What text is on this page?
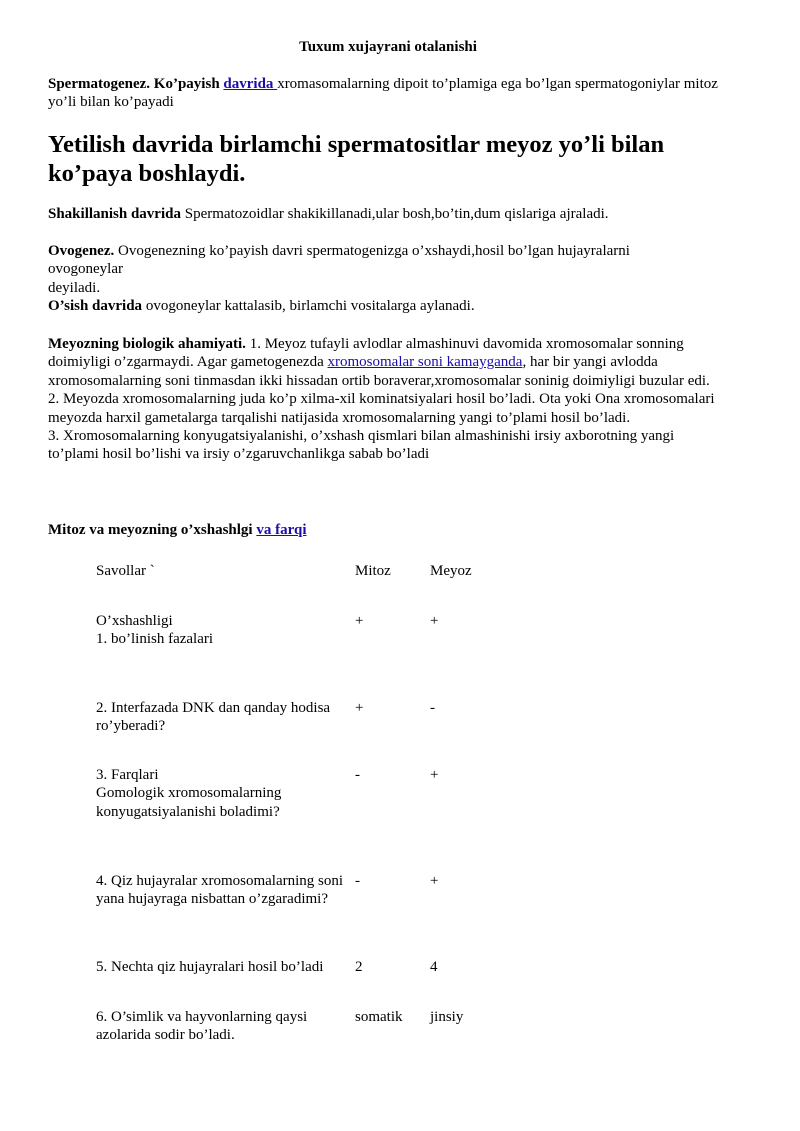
Tuxum xujayrani otalanishi

Spermatogenez. Ko’payish davrida xromasomalarning dipoit to’plamiga ega bo’lgan spermatogoniylar mitoz yo’li bilan ko’payadi

Yetilish davrida birlamchi spermatositlar meyoz yo’li bilan ko’paya boshlaydi.

Shakillanish davrida Spermatozoidlar shakikillanadi,ular bosh,bo’tin,dum qislariga ajraladi.

Ovogenez. Ovogenezning ko’payish davri spermatogenizga o’xshaydi,hosil bo’lgan hujayralarni ovogoneylar
deyiladi.

O’sish davrida ovogoneylar kattalasib, birlamchi vositalarga aylanadi.

Meyozning biologik ahamiyati. 1. Meyoz tufayli avlodlar almashinuvi davomida xromosomalar sonning doimiyligi o’zgarmaydi. Agar gametogenezda xromosomalar soni kamayganda, har bir yangi avlodda xromosomalarning soni tinmasdan ikki hissadan ortib boraverar,xromosomalar soninig doimiyligi buzular edi.
2. Meyozda xromosomalarning juda ko’p xilma-xil kominatsiyalari hosil bo’ladi. Ota yoki Ona xromosomalari meyozda harxil gametalarga tarqalishi natijasida xromosomalarning yangi to’plami hosil bo’ladi.
3. Xromosomalarning konyugatsiyalanishi, o’xshash qismlari bilan almashinishi irsiy axborotning yangi to’plami hosil bo’lishi va irsiy o’zgaruvchanlikga sabab bo’ladi

Mitoz va meyozning o’xshashlgi va farqi

Savollar `	Mitoz	Meyoz
O’xshashligi
1. bo’linish fazalari	+	+
2. Interfazada DNK dan qanday hodisa ro’yberadi?	+	-
3. Farqlari
Gomologik xromosomalarning konyugatsiyalanishi boladimi?	-	+
4. Qiz hujayralar xromosomalarning soni yana hujayraga nisbattan o’zgaradimi?	-	+
5. Nechta qiz hujayralari hosil bo’ladi	2	4
6. O’simlik va hayvonlarning qaysi azolarida sodir bo’ladi.	somatik	jinsiy
